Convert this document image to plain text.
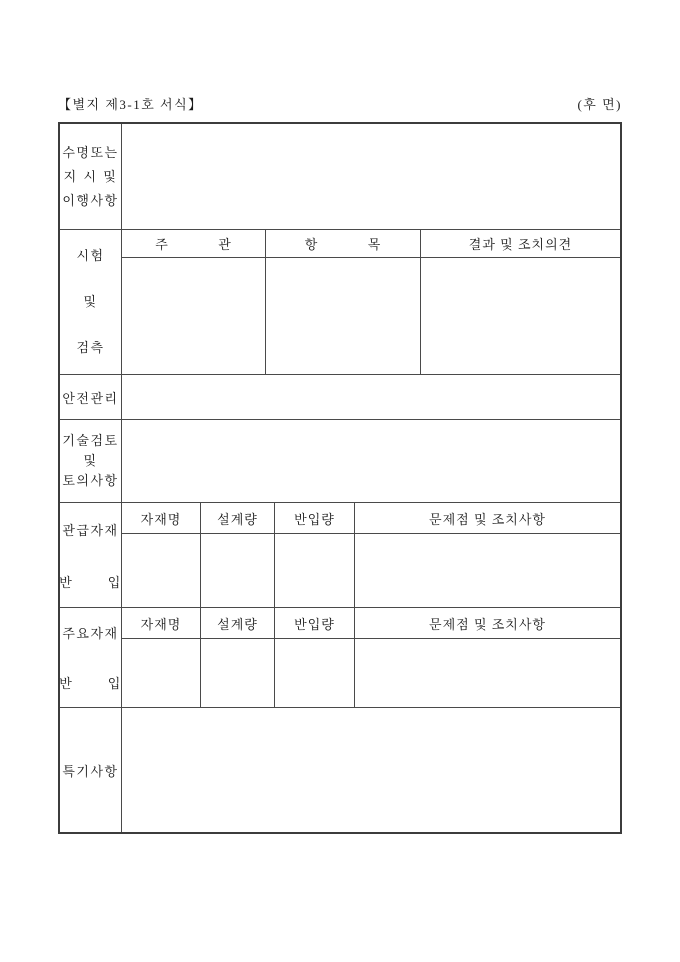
【별지 제3-1호 서식】	(후 면)
수명또는
지 시 및
이행사항
시험
및
검측
주      관	항      목	결과 및 조치의견
안전관리
기술검토
및
토의사항
관급자재
반      입
자재명	설계량	반입량	문제점 및 조치사항
주요자재
반      입
자재명	설계량	반입량	문제점 및 조치사항
특기사항
